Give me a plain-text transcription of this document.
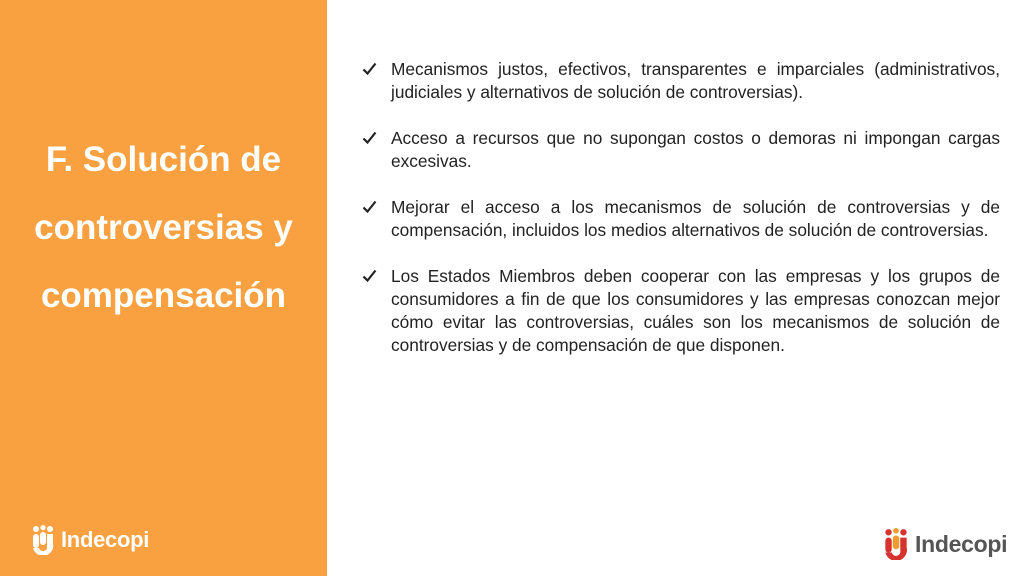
F. Solución de
controversias y
compensación
Indecopi
Mecanismos justos, efectivos, transparentes e imparciales (administrativos, judiciales y alternativos de solución de controversias).
Acceso a recursos que no supongan costos o demoras ni impongan cargas excesivas.
Mejorar el acceso a los mecanismos de solución de controversias y de compensación, incluidos los medios alternativos de solución de controversias.
Los Estados Miembros deben cooperar con las empresas y los grupos de consumidores a fin de que los consumidores y las empresas conozcan mejor cómo evitar las controversias, cuáles son los mecanismos de solución de controversias y de compensación de que disponen.
Indecopi
